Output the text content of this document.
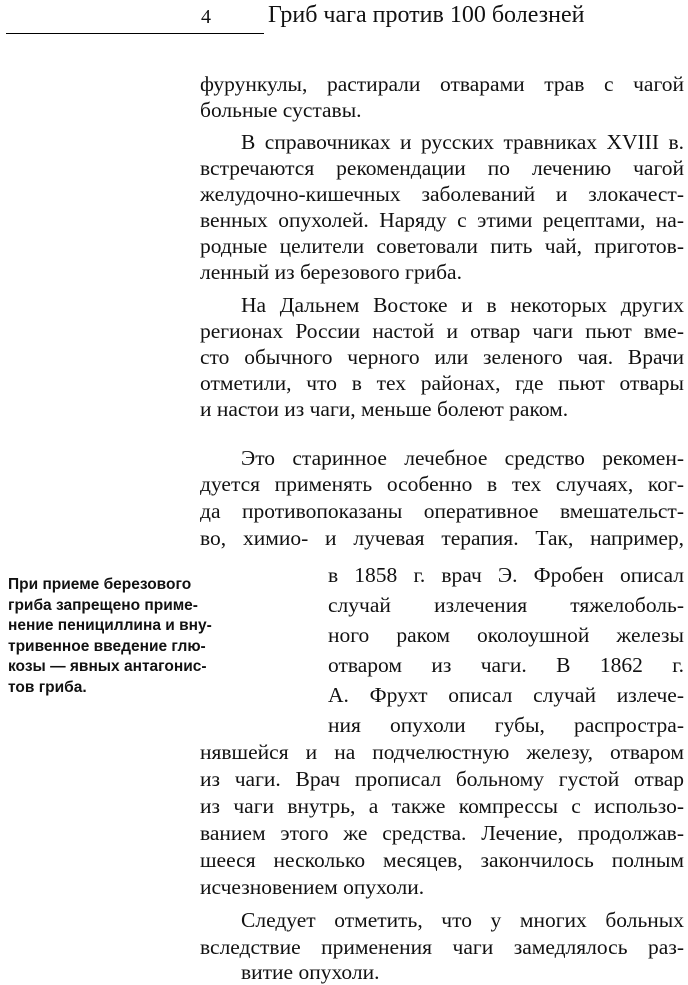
4 Гриб чага против 100 болезней
фурункулы, растирали отварами трав с чагой
больные суставы.
В справочниках и русских травниках XVIII в.
встречаются рекомендации по лечению чагой
желудочно-кишечных заболеваний и злокачест-
венных опухолей. Наряду с этими рецептами, на-
родные целители советовали пить чай, приготов-
ленный из березового гриба.
На Дальнем Востоке и в некоторых других
регионах России настой и отвар чаги пьют вме-
сто обычного черного или зеленого чая. Врачи
отметили, что в тех районах, где пьют отвары
и настои из чаги, меньше болеют раком.
Это старинное лечебное средство рекомен-
дуется применять особенно в тех случаях, ког-
да противопоказаны оперативное вмешательст-
во, химио- и лучевая терапия. Так, например,
в 1858 г. врач Э. Фробен описал
случай излечения тяжелоболь-
ного раком околоушной железы
отваром из чаги. В 1862 г.
А. Фрухт описал случай излече-
ния опухоли губы, распростра-
нявшейся и на подчелюстную железу, отваром
из чаги. Врач прописал больному густой отвар
из чаги внутрь, а также компрессы с использо-
ванием этого же средства. Лечение, продолжав-
шееся несколько месяцев, закончилось полным
исчезновением опухоли.
Следует отметить, что у многих больных
вследствие применения чаги замедлялось раз-
витие опухоли.
При приеме березового
гриба запрещено приме-
нение пенициллина и вну-
тривенное введение глю-
козы — явных антагонис-
тов гриба.
